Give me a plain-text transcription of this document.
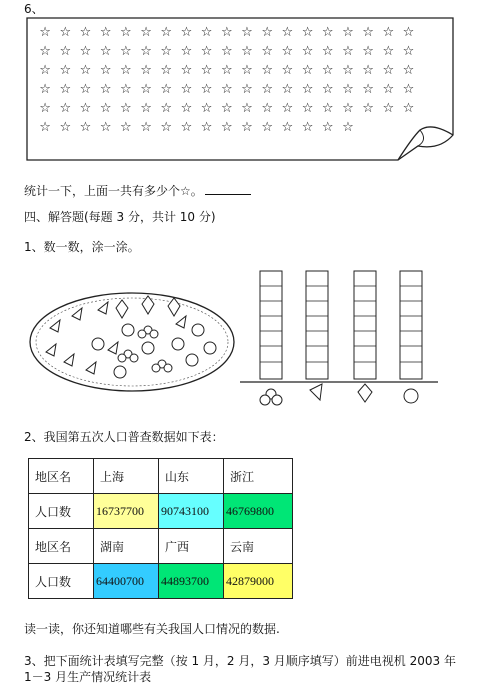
6、
☆ ☆ ☆ ☆ ☆ ☆ ☆ ☆ ☆ ☆ ☆ ☆ ☆ ☆ ☆ ☆ ☆ ☆ ☆
☆ ☆ ☆ ☆ ☆ ☆ ☆ ☆ ☆ ☆ ☆ ☆ ☆ ☆ ☆ ☆ ☆ ☆ ☆
☆ ☆ ☆ ☆ ☆ ☆ ☆ ☆ ☆ ☆ ☆ ☆ ☆ ☆ ☆ ☆ ☆ ☆ ☆
☆ ☆ ☆ ☆ ☆ ☆ ☆ ☆ ☆ ☆ ☆ ☆ ☆ ☆ ☆ ☆ ☆ ☆ ☆
☆ ☆ ☆ ☆ ☆ ☆ ☆ ☆ ☆ ☆ ☆ ☆ ☆ ☆ ☆ ☆ ☆ ☆ ☆
☆ ☆ ☆ ☆ ☆ ☆ ☆ ☆ ☆ ☆ ☆ ☆ ☆ ☆ ☆ ☆
统计一下，上面一共有多少个☆。
四、解答题(每题 3 分，共计 10 分)
1、数一数，涂一涂。
2、我国第五次人口普查数据如下表：
地区名	上海	山东	浙江
人口数	16737700	90743100	46769800
地区名	湖南	广西	云南
人口数	64400700	44893700	42879000
读一读，你还知道哪些有关我国人口情况的数据.
3、把下面统计表填写完整（按 1 月，2 月，3 月顺序填写）前进电视机 2003 年
1－3 月生产情况统计表
